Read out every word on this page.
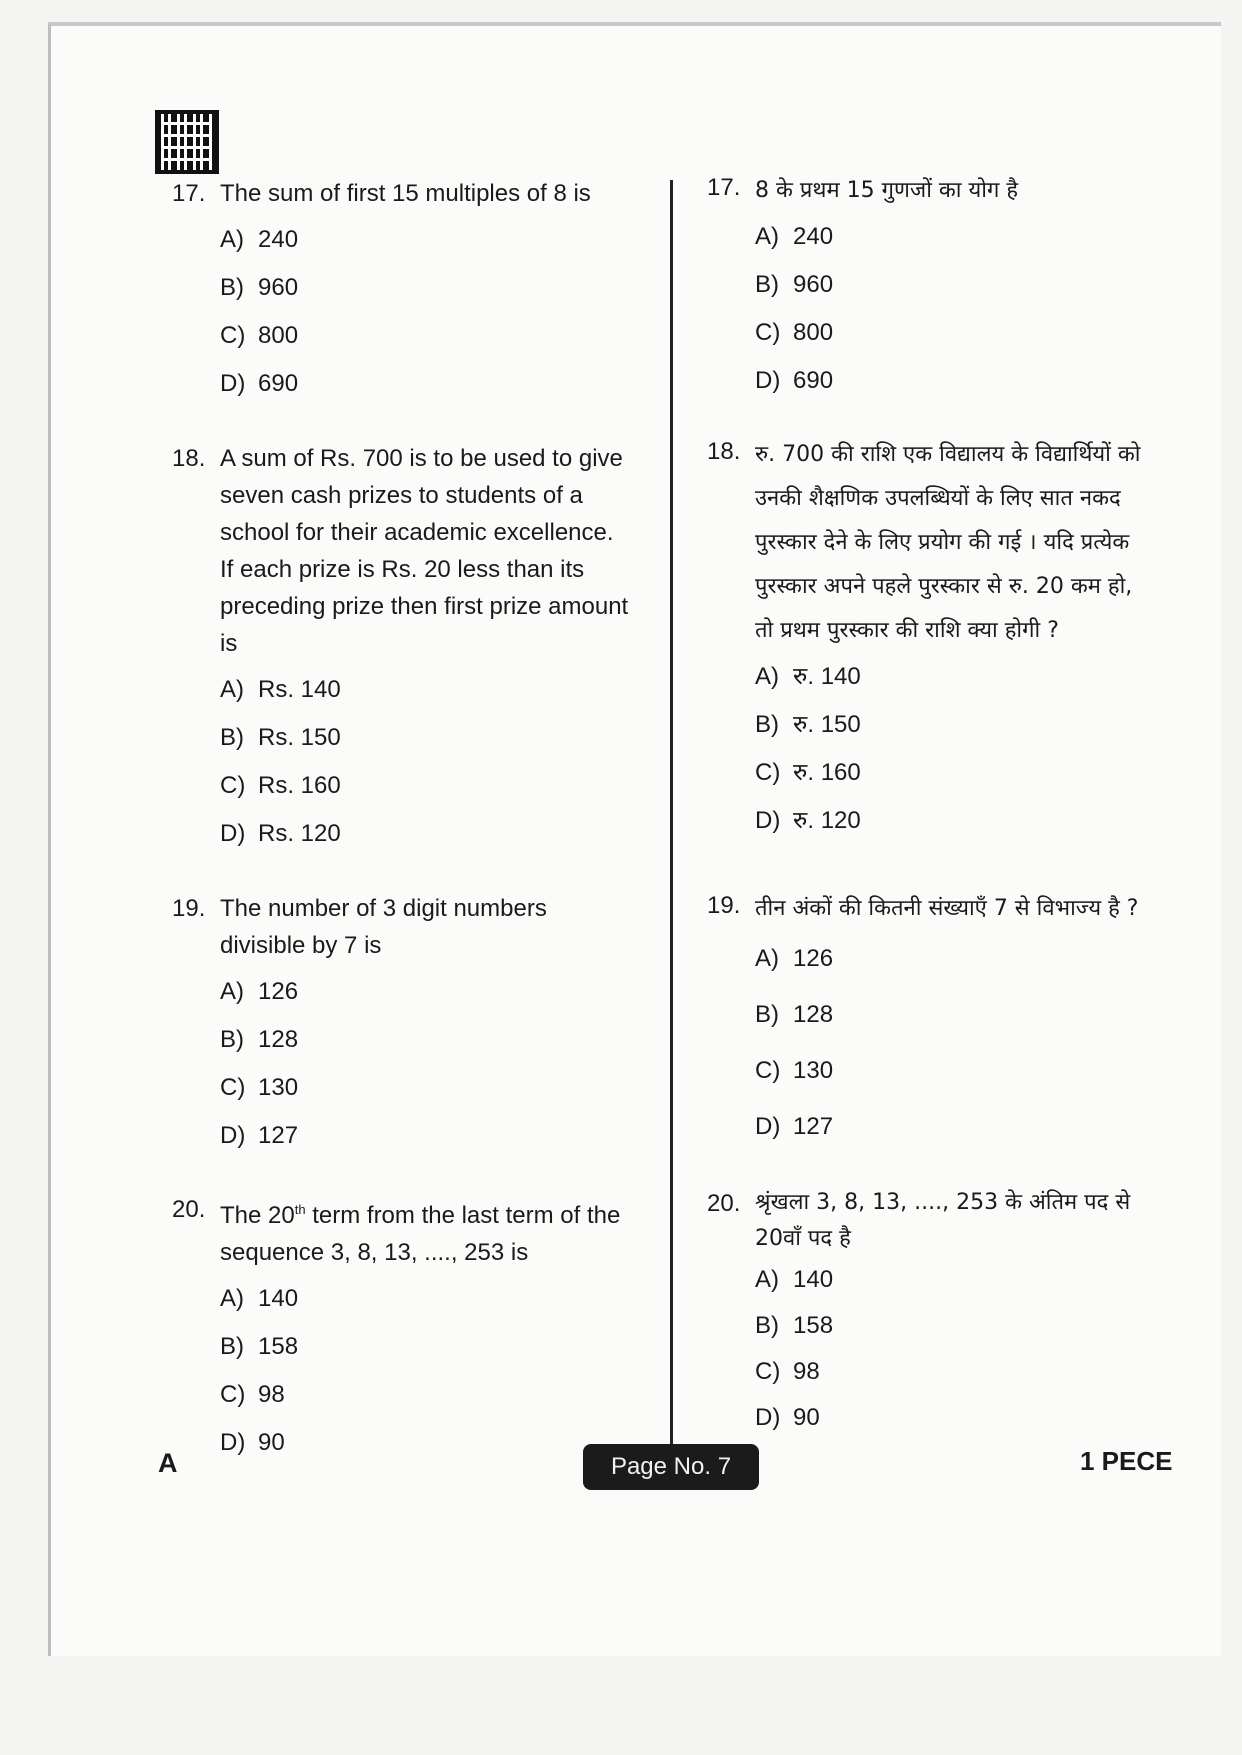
17. The sum of first 15 multiples of 8 is
A) 240
B) 960
C) 800
D) 690
18. A sum of Rs. 700 is to be used to give
seven cash prizes to students of a
school for their academic excellence.
If each prize is Rs. 20 less than its
preceding prize then first prize amount
is
A) Rs. 140
B) Rs. 150
C) Rs. 160
D) Rs. 120
19. The number of 3 digit numbers
divisible by 7 is
A) 126
B) 128
C) 130
D) 127
20. The 20th term from the last term of the
sequence 3, 8, 13, ...., 253 is
A) 140
B) 158
C) 98
D) 90
17. 8 के प्रथम 15 गुणजों का योग है
A) 240
B) 960
C) 800
D) 690
18. रु. 700 की राशि एक विद्यालय के विद्यार्थियों को
उनकी शैक्षणिक उपलब्धियों के लिए सात नकद
पुरस्कार देने के लिए प्रयोग की गई । यदि प्रत्येक
पुरस्कार अपने पहले पुरस्कार से रु. 20 कम हो,
तो प्रथम पुरस्कार की राशि क्या होगी ?
A) रु. 140
B) रु. 150
C) रु. 160
D) रु. 120
19. तीन अंकों की कितनी संख्याएँ 7 से विभाज्य है ?
A) 126
B) 128
C) 130
D) 127
20. श्रृंखला 3, 8, 13, ...., 253 के अंतिम पद से
20वाँ पद है
A) 140
B) 158
C) 98
D) 90
A	Page No. 7	1 PECE
